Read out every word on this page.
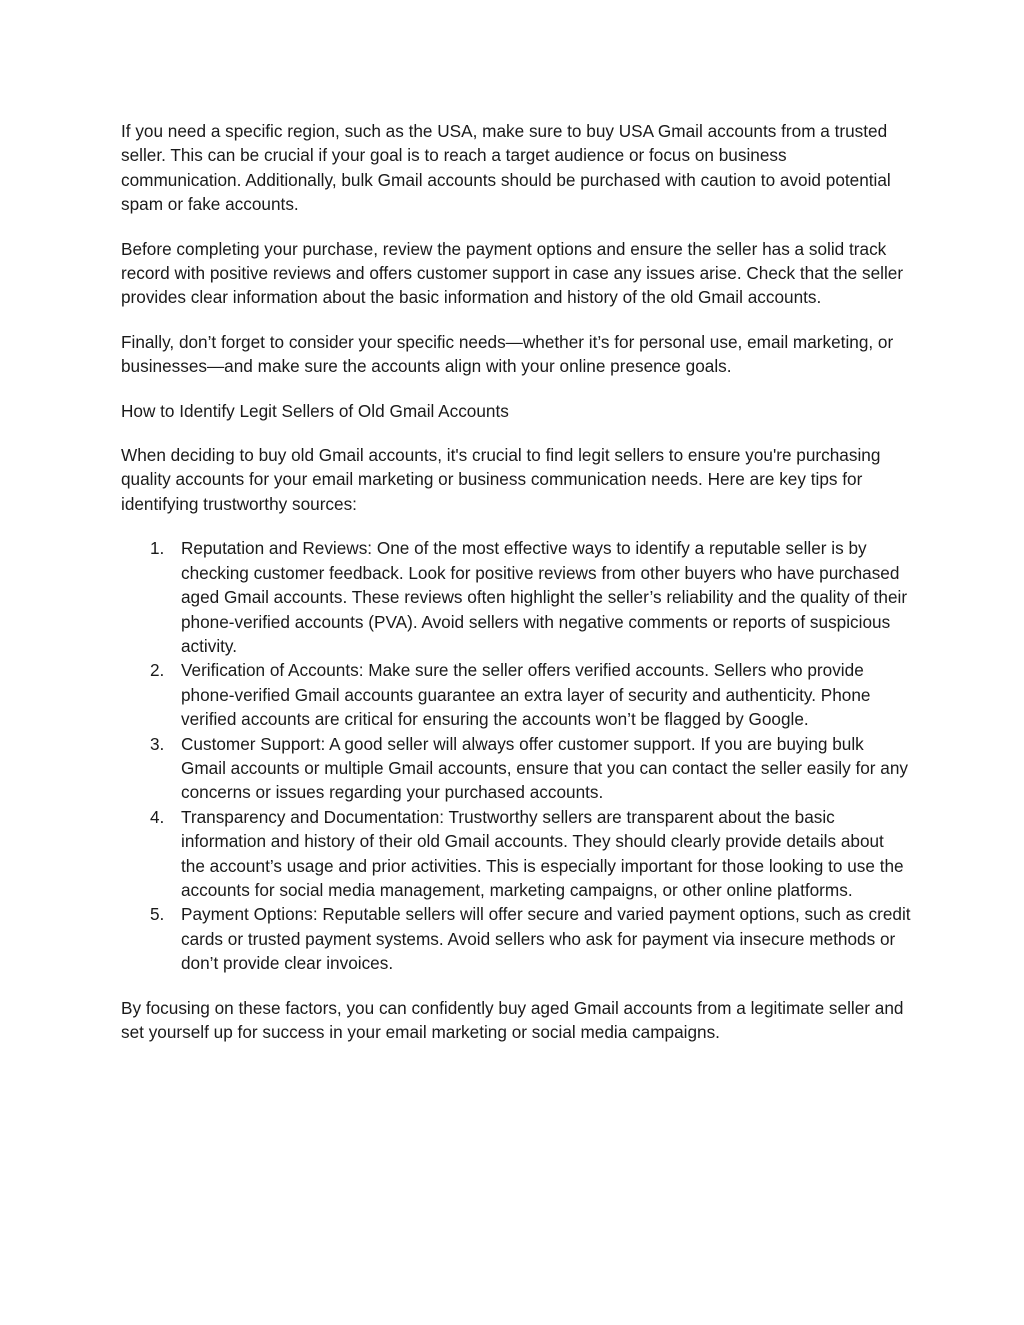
If you need a specific region, such as the USA, make sure to buy USA Gmail accounts from a trusted seller. This can be crucial if your goal is to reach a target audience or focus on business communication. Additionally, bulk Gmail accounts should be purchased with caution to avoid potential spam or fake accounts.

Before completing your purchase, review the payment options and ensure the seller has a solid track record with positive reviews and offers customer support in case any issues arise. Check that the seller provides clear information about the basic information and history of the old Gmail accounts.

Finally, don’t forget to consider your specific needs—whether it’s for personal use, email marketing, or businesses—and make sure the accounts align with your online presence goals.

How to Identify Legit Sellers of Old Gmail Accounts

When deciding to buy old Gmail accounts, it's crucial to find legit sellers to ensure you're purchasing quality accounts for your email marketing or business communication needs. Here are key tips for identifying trustworthy sources:

1. Reputation and Reviews: One of the most effective ways to identify a reputable seller is by checking customer feedback. Look for positive reviews from other buyers who have purchased aged Gmail accounts. These reviews often highlight the seller’s reliability and the quality of their phone-verified accounts (PVA). Avoid sellers with negative comments or reports of suspicious activity.
2. Verification of Accounts: Make sure the seller offers verified accounts. Sellers who provide phone-verified Gmail accounts guarantee an extra layer of security and authenticity. Phone verified accounts are critical for ensuring the accounts won’t be flagged by Google.
3. Customer Support: A good seller will always offer customer support. If you are buying bulk Gmail accounts or multiple Gmail accounts, ensure that you can contact the seller easily for any concerns or issues regarding your purchased accounts.
4. Transparency and Documentation: Trustworthy sellers are transparent about the basic information and history of their old Gmail accounts. They should clearly provide details about the account’s usage and prior activities. This is especially important for those looking to use the accounts for social media management, marketing campaigns, or other online platforms.
5. Payment Options: Reputable sellers will offer secure and varied payment options, such as credit cards or trusted payment systems. Avoid sellers who ask for payment via insecure methods or don’t provide clear invoices.

By focusing on these factors, you can confidently buy aged Gmail accounts from a legitimate seller and set yourself up for success in your email marketing or social media campaigns.
